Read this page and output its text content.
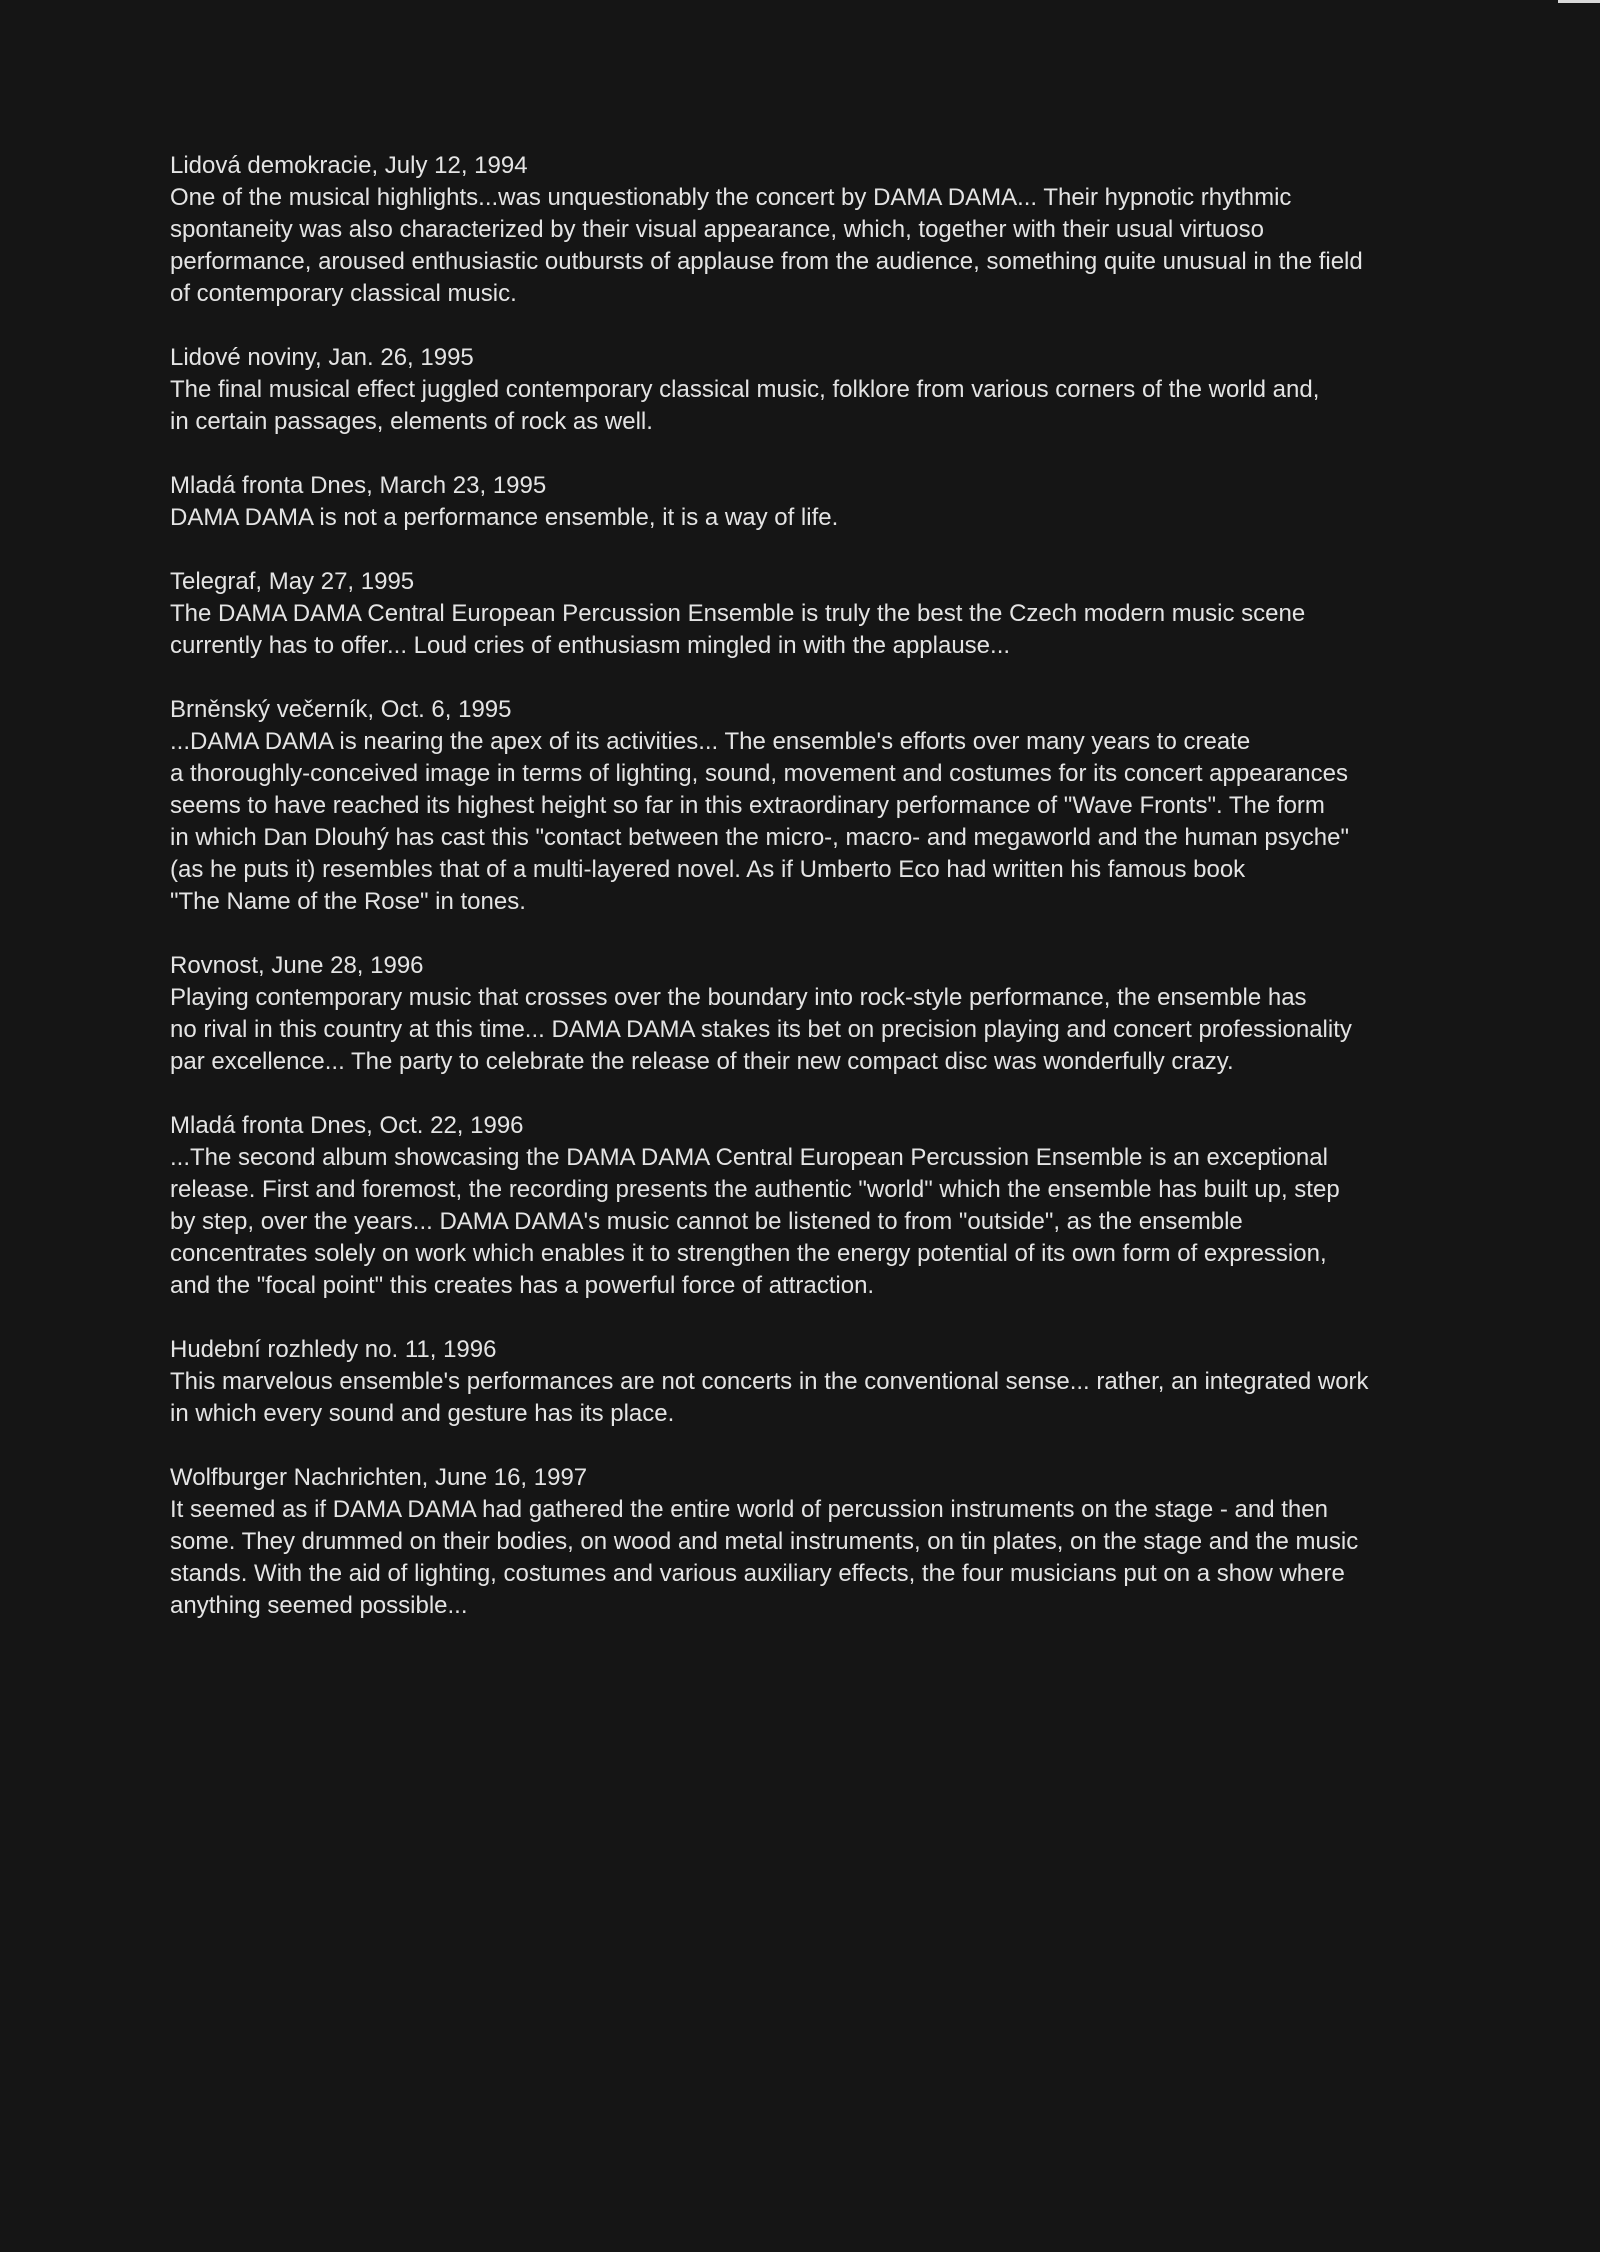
Lidová demokracie, July 12, 1994
One of the musical highlights...was unquestionably the concert by DAMA DAMA... Their hypnotic rhythmic
spontaneity was also characterized by their visual appearance, which, together with their usual virtuoso
performance, aroused enthusiastic outbursts of applause from the audience, something quite unusual in the field
of contemporary classical music.
Lidové noviny, Jan. 26, 1995
The final musical effect juggled contemporary classical music, folklore from various corners of the world and,
in certain passages, elements of rock as well.
Mladá fronta Dnes, March 23, 1995
DAMA DAMA is not a performance ensemble, it is a way of life.
Telegraf, May 27, 1995
The DAMA DAMA Central European Percussion Ensemble is truly the best the Czech modern music scene
currently has to offer... Loud cries of enthusiasm mingled in with the applause...
Brněnský večerník, Oct. 6, 1995
...DAMA DAMA is nearing the apex of its activities... The ensemble's efforts over many years to create
a thoroughly-conceived image in terms of lighting, sound, movement and costumes for its concert appearances
seems to have reached its highest height so far in this extraordinary performance of "Wave Fronts". The form
in which Dan Dlouhý has cast this "contact between the micro-, macro- and megaworld and the human psyche"
(as he puts it) resembles that of a multi-layered novel. As if Umberto Eco had written his famous book
"The Name of the Rose" in tones.
Rovnost, June 28, 1996
Playing contemporary music that crosses over the boundary into rock-style performance, the ensemble has
no rival in this country at this time... DAMA DAMA stakes its bet on precision playing and concert professionality
par excellence... The party to celebrate the release of their new compact disc was wonderfully crazy.
Mladá fronta Dnes, Oct. 22, 1996
...The second album showcasing the DAMA DAMA Central European Percussion Ensemble is an exceptional
release. First and foremost, the recording presents the authentic "world" which the ensemble has built up, step
by step, over the years... DAMA DAMA's music cannot be listened to from "outside", as the ensemble
concentrates solely on work which enables it to strengthen the energy potential of its own form of expression,
and the "focal point" this creates has a powerful force of attraction.
Hudební rozhledy no. 11, 1996
This marvelous ensemble's performances are not concerts in the conventional sense... rather, an integrated work
in which every sound and gesture has its place.
Wolfburger Nachrichten, June 16, 1997
It seemed as if DAMA DAMA had gathered the entire world of percussion instruments on the stage - and then
some. They drummed on their bodies, on wood and metal instruments, on tin plates, on the stage and the music
stands. With the aid of lighting, costumes and various auxiliary effects, the four musicians put on a show where
anything seemed possible...
